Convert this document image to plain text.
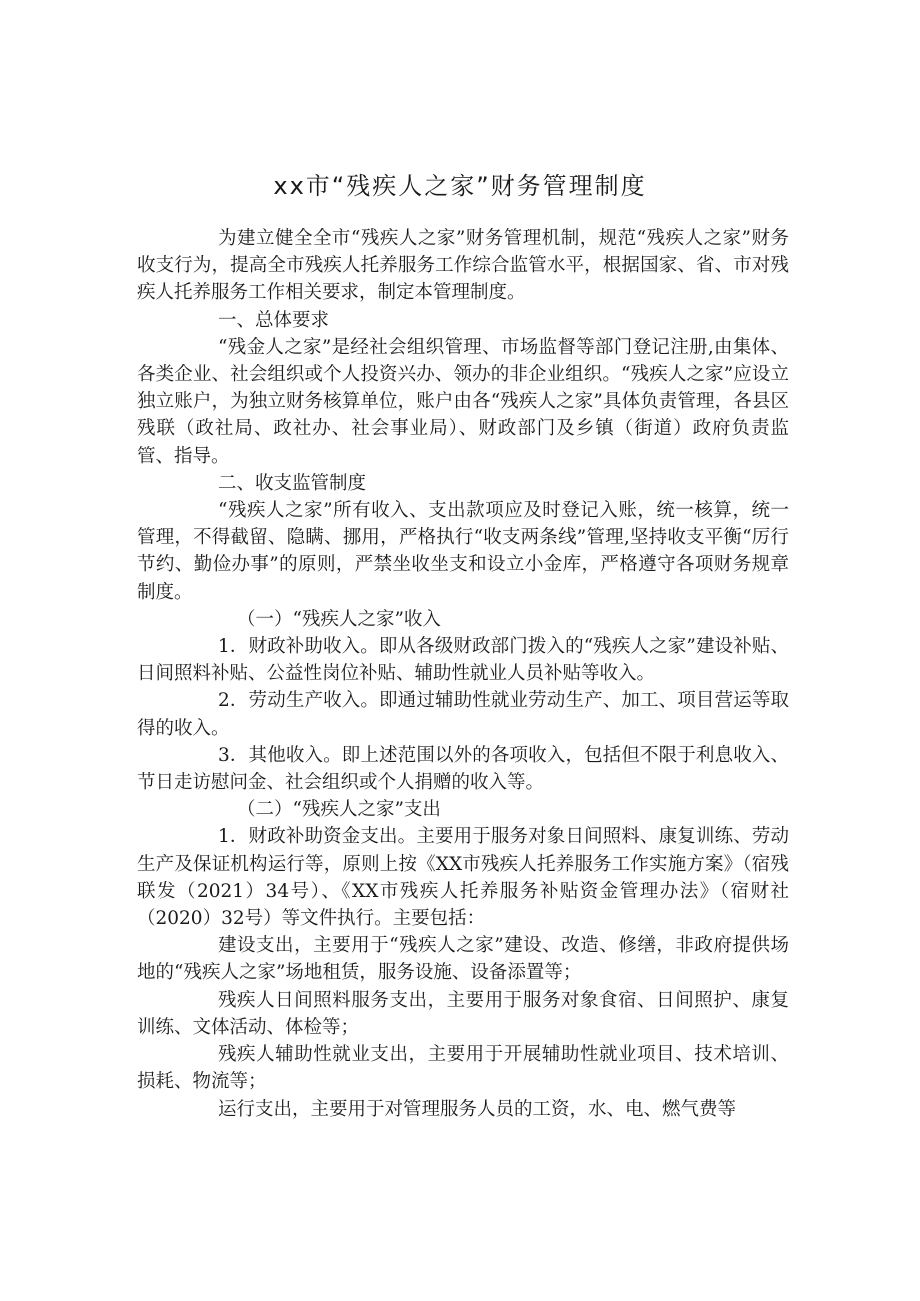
xx市“残疾人之家”财务管理制度

为建立健全全市“残疾人之家”财务管理机制，规范“残疾人之家”财务收支行为，提高全市残疾人托养服务工作综合监管水平，根据国家、省、市对残疾人托养服务工作相关要求，制定本管理制度。

一、总体要求

“残金人之家”是经社会组织管理、市场监督等部门登记注册,由集体、各类企业、社会组织或个人投资兴办、领办的非企业组织。“残疾人之家”应设立独立账户，为独立财务核算单位，账户由各“残疾人之家”具体负责管理，各县区残联（政社局、政社办、社会事业局）、财政部门及乡镇（街道）政府负责监管、指导。

二、收支监管制度

“残疾人之家”所有收入、支出款项应及时登记入账，统一核算，统一管理，不得截留、隐瞒、挪用，严格执行“收支两条线”管理,坚持收支平衡“厉行节约、勤俭办事”的原则，严禁坐收坐支和设立小金库，严格遵守各项财务规章制度。

（一）“残疾人之家”收入

1．财政补助收入。即从各级财政部门拨入的“残疾人之家”建设补贴、日间照料补贴、公益性岗位补贴、辅助性就业人员补贴等收入。

2．劳动生产收入。即通过辅助性就业劳动生产、加工、项目营运等取得的收入。

3．其他收入。即上述范围以外的各项收入，包括但不限于利息收入、节日走访慰问金、社会组织或个人捐赠的收入等。

（二）“残疾人之家”支出

1．财政补助资金支出。主要用于服务对象日间照料、康复训练、劳动生产及保证机构运行等，原则上按《XX市残疾人托养服务工作实施方案》（宿残联发（2021）34号）、《XX市残疾人托养服务补贴资金管理办法》（宿财社（2020）32号）等文件执行。主要包括：

建设支出，主要用于“残疾人之家”建设、改造、修缮，非政府提供场地的“残疾人之家”场地租赁，服务设施、设备添置等；

残疾人日间照料服务支出，主要用于服务对象食宿、日间照护、康复训练、文体活动、体检等；

残疾人辅助性就业支出，主要用于开展辅助性就业项目、技术培训、损耗、物流等；

运行支出，主要用于对管理服务人员的工资，水、电、燃气费等
